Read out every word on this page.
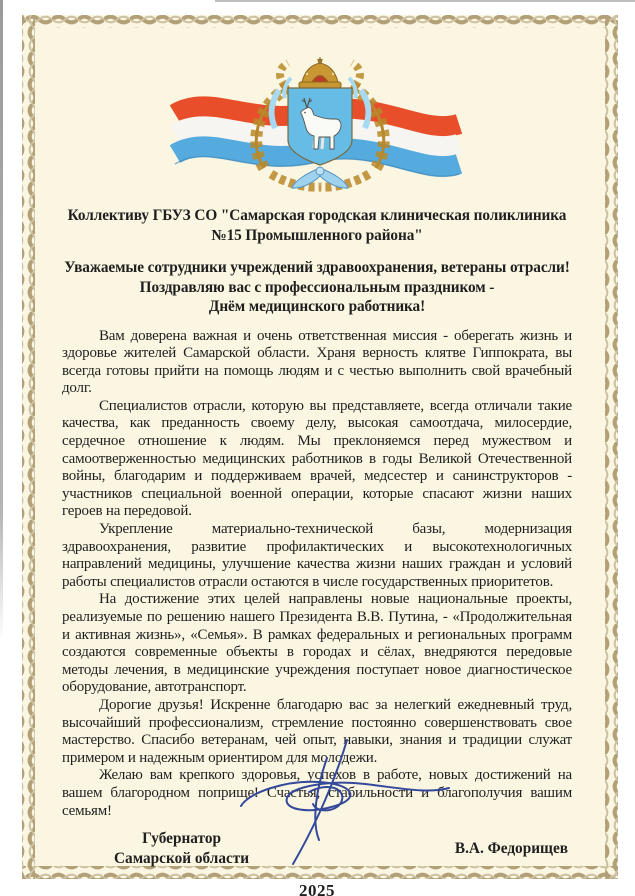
Коллективу ГБУЗ СО "Самарская городская клиническая поликлиника
№15 Промышленного района"
Уважаемые сотрудники учреждений здравоохранения, ветераны отрасли!
Поздравляю вас с профессиональным праздником -
Днём медицинского работника!

Вам доверена важная и очень ответственная миссия - оберегать жизнь и здоровье жителей Самарской области. Храня верность клятве Гиппократа, вы всегда готовы прийти на помощь людям и с честью выполнить свой врачебный долг.

Специалистов отрасли, которую вы представляете, всегда отличали такие качества, как преданность своему делу, высокая самоотдача, милосердие, сердечное отношение к людям. Мы преклоняемся перед мужеством и самоотверженностью медицинских работников в годы Великой Отечественной войны, благодарим и поддерживаем врачей, медсестер и санинструкторов - участников специальной военной операции, которые спасают жизни наших героев на передовой.

Укрепление материально-технической базы, модернизация здравоохранения, развитие профилактических и высокотехнологичных направлений медицины, улучшение качества жизни наших граждан и условий работы специалистов отрасли остаются в числе государственных приоритетов.

На достижение этих целей направлены новые национальные проекты, реализуемые по решению нашего Президента В.В. Путина, - «Продолжительная и активная жизнь», «Семья». В рамках федеральных и региональных программ создаются современные объекты в городах и сёлах, внедряются передовые методы лечения, в медицинские учреждения поступает новое диагностическое оборудование, автотранспорт.

Дорогие друзья! Искренне благодарю вас за нелегкий ежедневный труд, высочайший профессионализм, стремление постоянно совершенствовать свое мастерство. Спасибо ветеранам, чей опыт, навыки, знания и традиции служат примером и надежным ориентиром для молодежи.

Желаю вам крепкого здоровья, успехов в работе, новых достижений на вашем благородном поприще! Счастья, стабильности и благополучия вашим семьям!

Губернатор
Самарской области
В.А. Федорищев
2025
